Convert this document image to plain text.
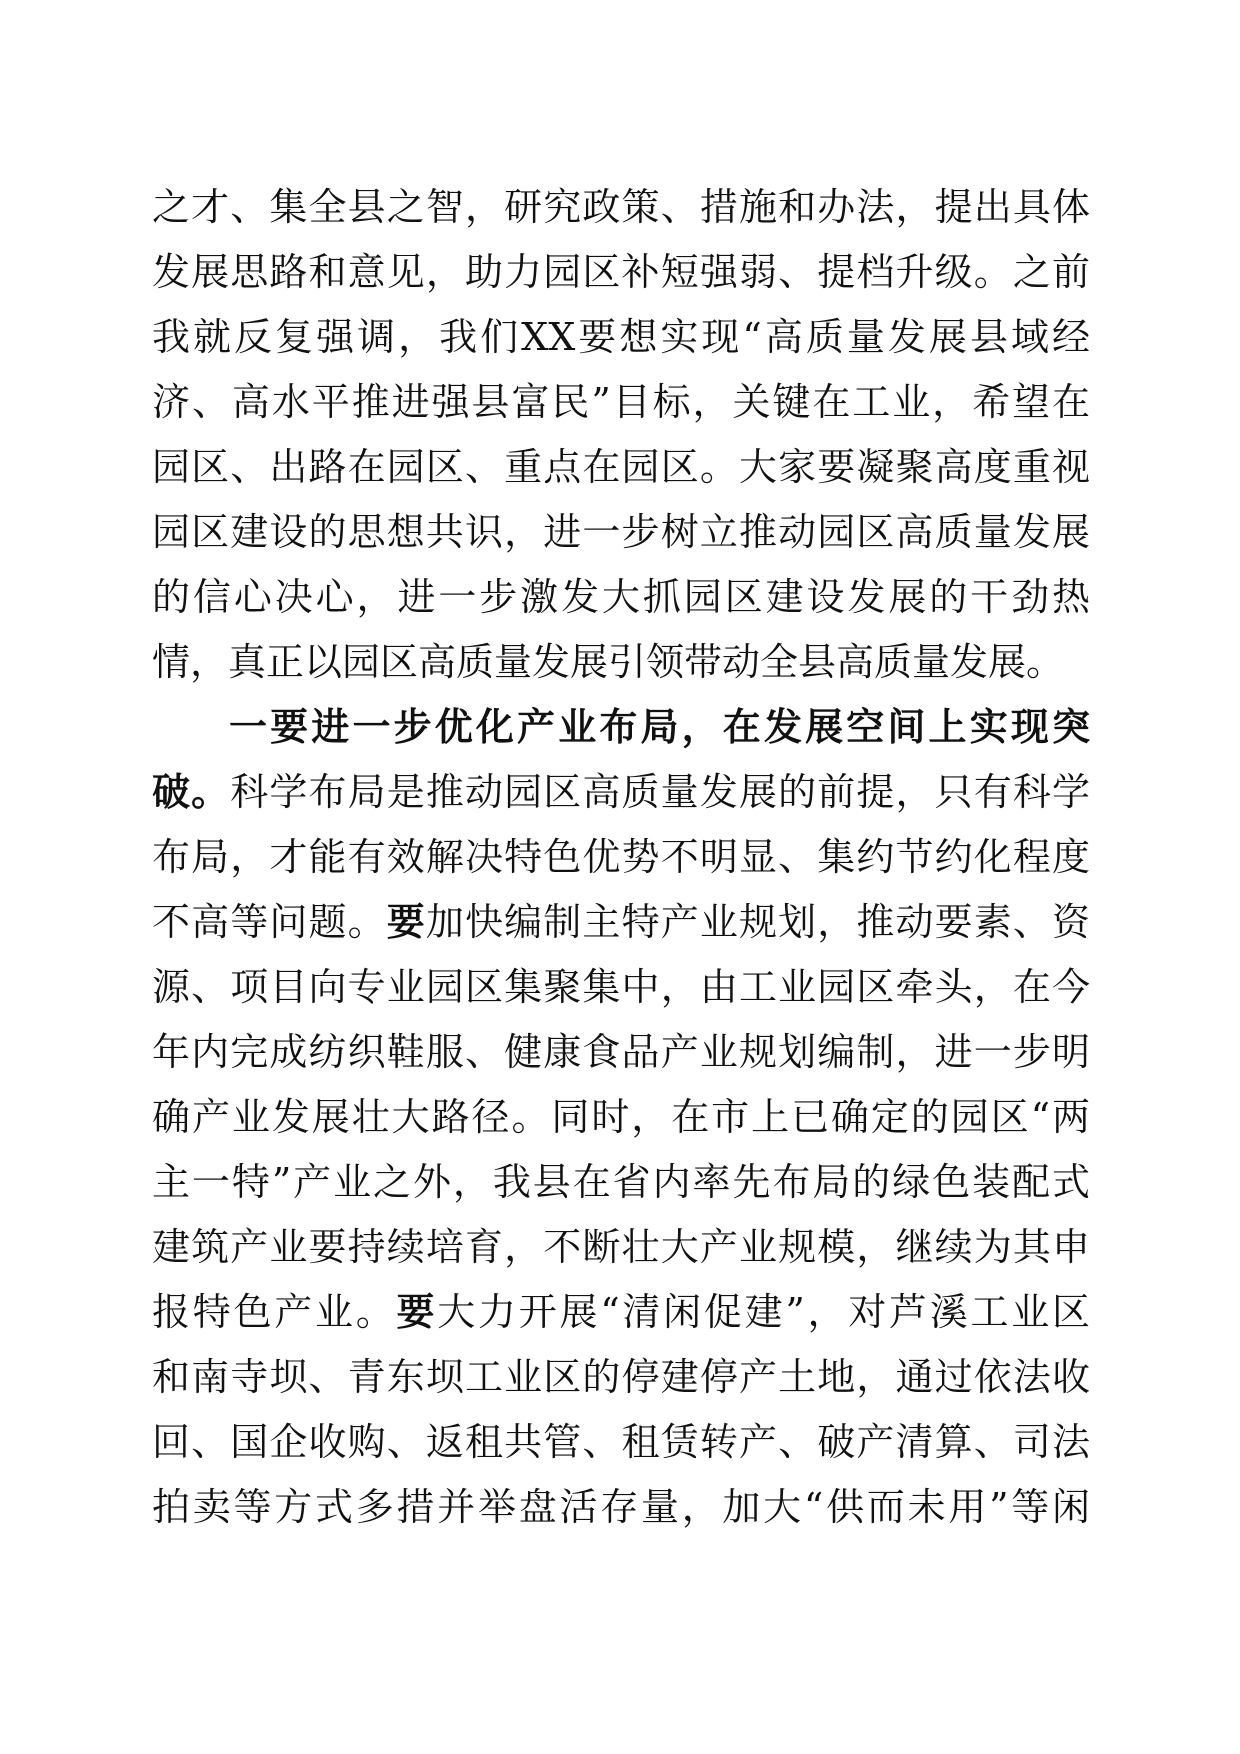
之才、集全县之智，研究政策、措施和办法，提出具体
发展思路和意见，助力园区补短强弱、提档升级。之前
我就反复强调，我们XX要想实现“高质量发展县域经
济、高水平推进强县富民”目标，关键在工业，希望在
园区、出路在园区、重点在园区。大家要凝聚高度重视
园区建设的思想共识，进一步树立推动园区高质量发展
的信心决心，进一步激发大抓园区建设发展的干劲热
情，真正以园区高质量发展引领带动全县高质量发展。
一要进一步优化产业布局，在发展空间上实现突
破。科学布局是推动园区高质量发展的前提，只有科学
布局，才能有效解决特色优势不明显、集约节约化程度
不高等问题。要加快编制主特产业规划，推动要素、资
源、项目向专业园区集聚集中，由工业园区牵头，在今
年内完成纺织鞋服、健康食品产业规划编制，进一步明
确产业发展壮大路径。同时，在市上已确定的园区“两
主一特”产业之外，我县在省内率先布局的绿色装配式
建筑产业要持续培育，不断壮大产业规模，继续为其申
报特色产业。要大力开展“清闲促建”，对芦溪工业区
和南寺坝、青东坝工业区的停建停产土地，通过依法收
回、国企收购、返租共管、租赁转产、破产清算、司法
拍卖等方式多措并举盘活存量，加大“供而未用”等闲
